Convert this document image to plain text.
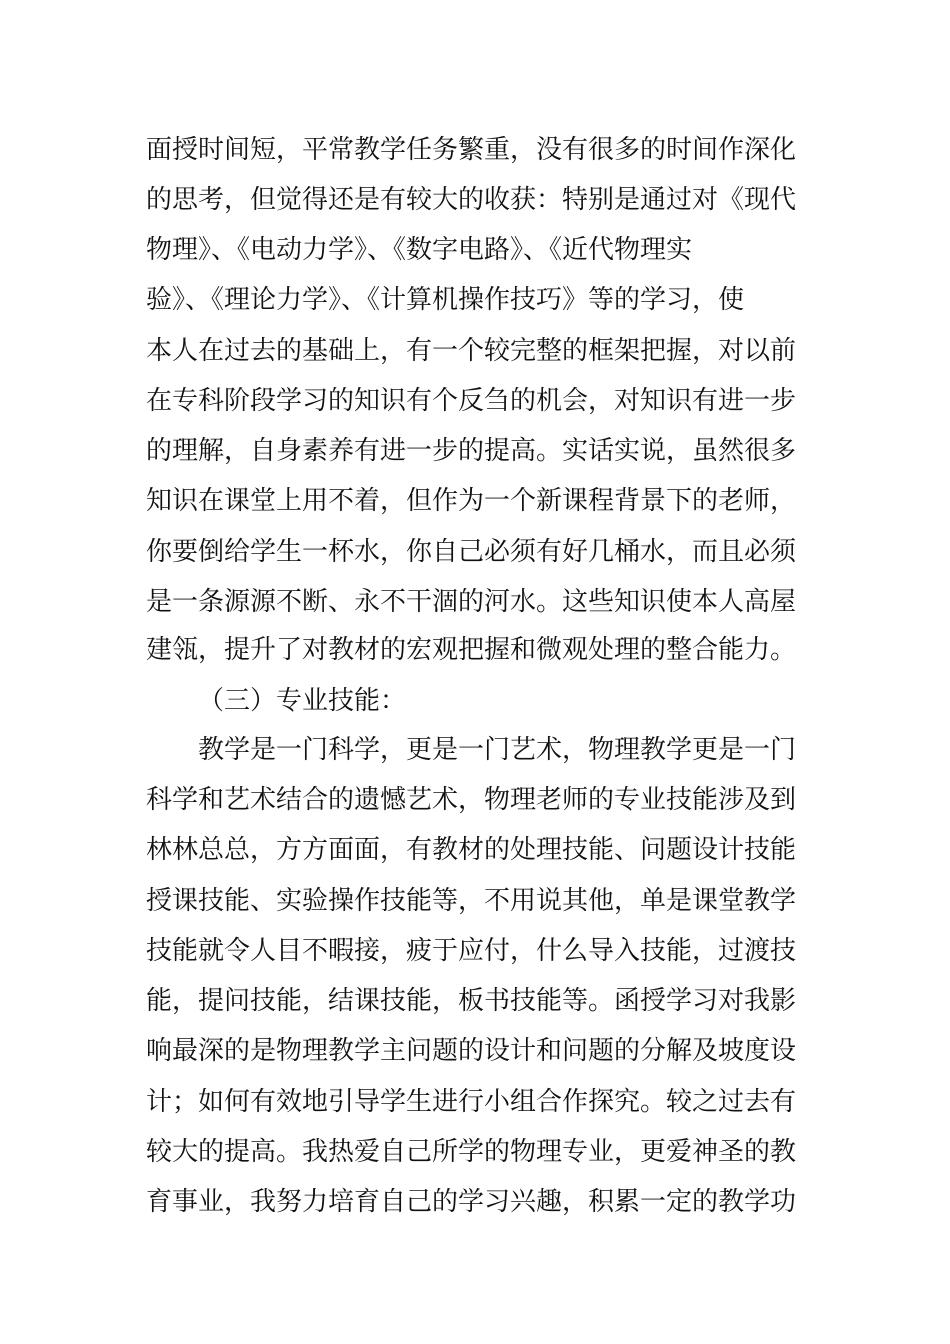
面授时间短，平常教学任务繁重，没有很多的时间作深化
的思考，但觉得还是有较大的收获：特别是通过对《现代
物理》、《电动力学》、《数字电路》、《近代物理实
验》、《理论力学》、《计算机操作技巧》等的学习，使
本人在过去的基础上，有一个较完整的框架把握，对以前
在专科阶段学习的知识有个反刍的机会，对知识有进一步
的理解，自身素养有进一步的提高。实话实说，虽然很多
知识在课堂上用不着，但作为一个新课程背景下的老师，
你要倒给学生一杯水，你自己必须有好几桶水，而且必须
是一条源源不断、永不干涸的河水。这些知识使本人高屋
建瓴，提升了对教材的宏观把握和微观处理的整合能力。
（三）专业技能：
教学是一门科学，更是一门艺术，物理教学更是一门
科学和艺术结合的遗憾艺术，物理老师的专业技能涉及到
林林总总，方方面面，有教材的处理技能、问题设计技能
授课技能、实验操作技能等，不用说其他，单是课堂教学
技能就令人目不暇接，疲于应付，什么导入技能，过渡技
能，提问技能，结课技能，板书技能等。函授学习对我影
响最深的是物理教学主问题的设计和问题的分解及坡度设
计；如何有效地引导学生进行小组合作探究。较之过去有
较大的提高。我热爱自己所学的物理专业，更爱神圣的教
育事业，我努力培育自己的学习兴趣，积累一定的教学功
